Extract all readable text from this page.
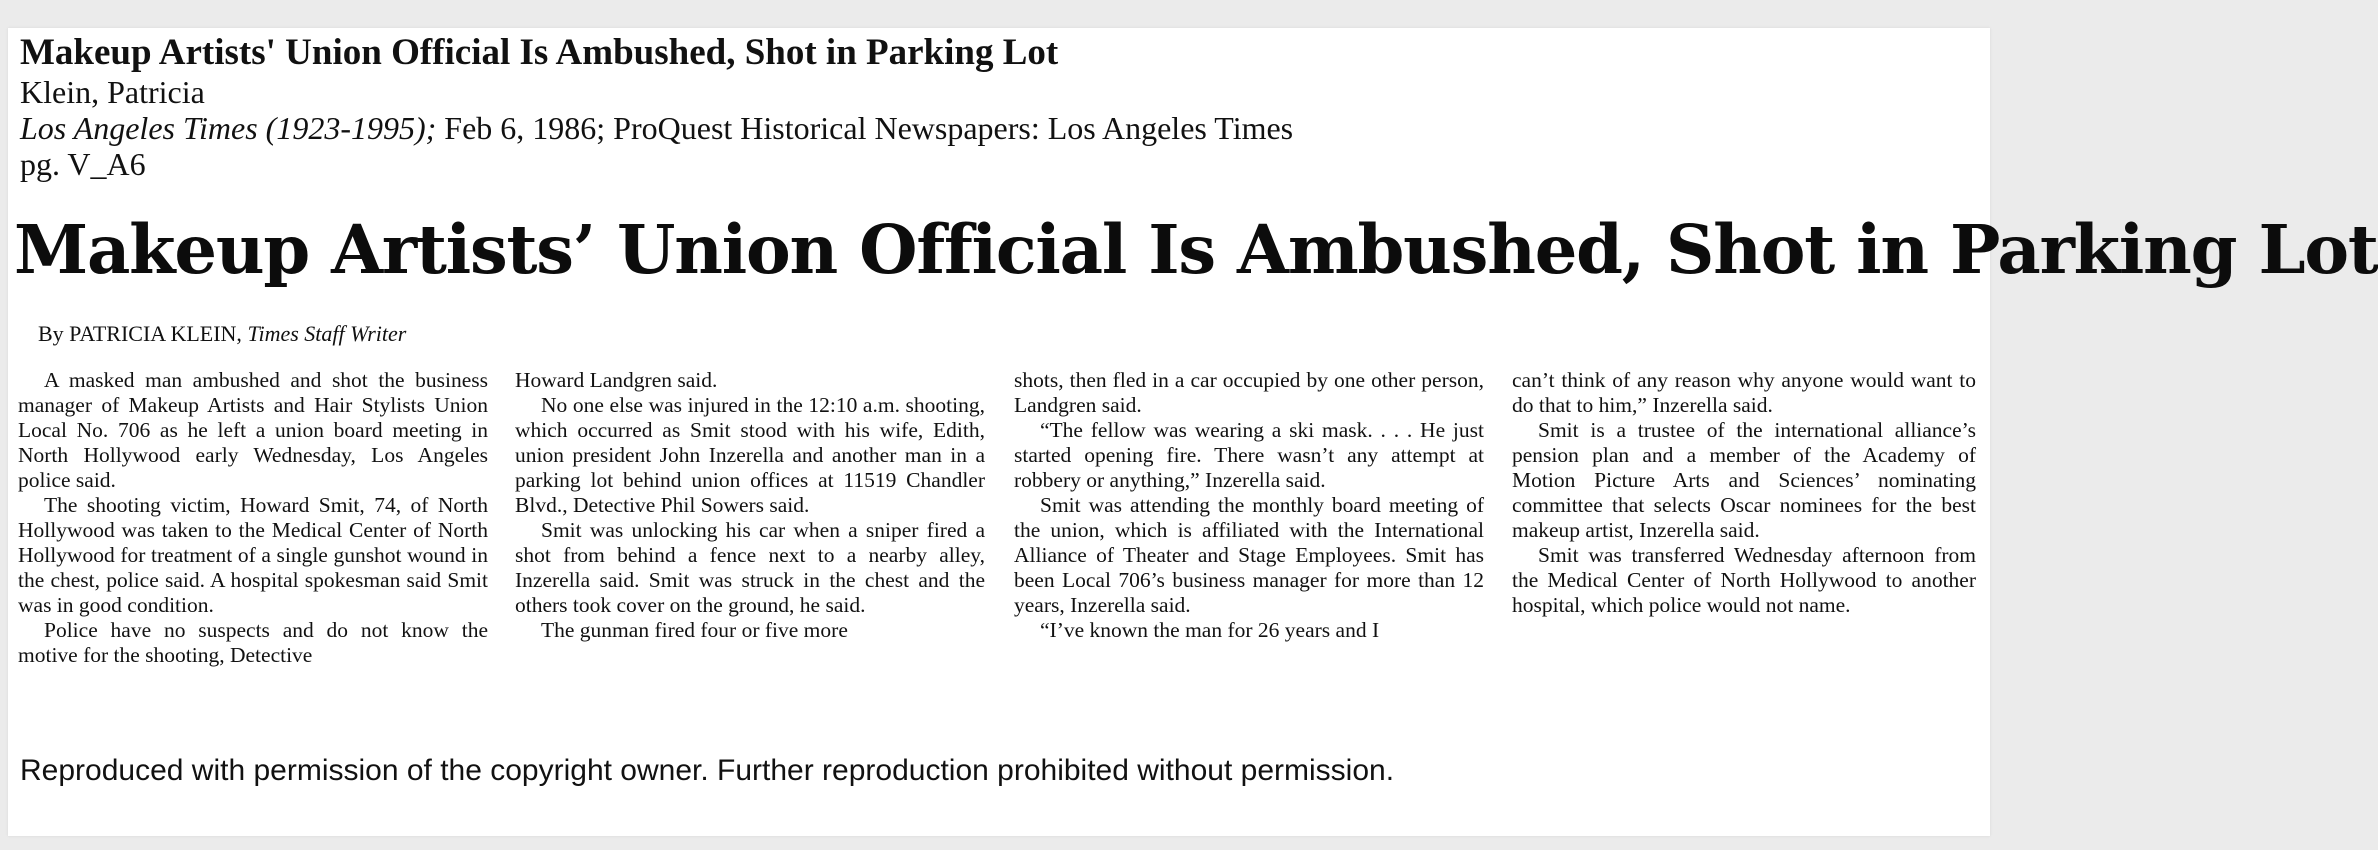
Makeup Artists' Union Official Is Ambushed, Shot in Parking Lot
Klein, Patricia
Los Angeles Times (1923-1995); Feb 6, 1986; ProQuest Historical Newspapers: Los Angeles Times
pg. V_A6
Makeup Artists’ Union Official Is Ambushed, Shot in Parking Lot
By PATRICIA KLEIN, Times Staff Writer

A masked man ambushed and shot the business manager of Makeup Artists and Hair Stylists Union Local No. 706 as he left a union board meeting in North Hollywood early Wednesday, Los Angeles police said.

The shooting victim, Howard Smit, 74, of North Hollywood was taken to the Medical Center of North Hollywood for treatment of a single gunshot wound in the chest, police said. A hospital spokesman said Smit was in good condition.

Police have no suspects and do not know the motive for the shooting, Detective

Howard Landgren said.

No one else was injured in the 12:10 a.m. shooting, which occurred as Smit stood with his wife, Edith, union president John Inzerella and another man in a parking lot behind union offices at 11519 Chandler Blvd., Detective Phil Sowers said.

Smit was unlocking his car when a sniper fired a shot from behind a fence next to a nearby alley, Inzerella said. Smit was struck in the chest and the others took cover on the ground, he said.

The gunman fired four or five more

shots, then fled in a car occupied by one other person, Landgren said.

“The fellow was wearing a ski mask. . . . He just started opening fire. There wasn’t any attempt at robbery or anything,” Inzerella said.

Smit was attending the monthly board meeting of the union, which is affiliated with the International Alliance of Theater and Stage Employees. Smit has been Local 706’s business manager for more than 12 years, Inzerella said.

“I’ve known the man for 26 years and I

can’t think of any reason why anyone would want to do that to him,” Inzerella said.

Smit is a trustee of the international alliance’s pension plan and a member of the Academy of Motion Picture Arts and Sciences’ nominating committee that selects Oscar nominees for the best makeup artist, Inzerella said.

Smit was transferred Wednesday afternoon from the Medical Center of North Hollywood to another hospital, which police would not name.

Reproduced with permission of the copyright owner. Further reproduction prohibited without permission.
